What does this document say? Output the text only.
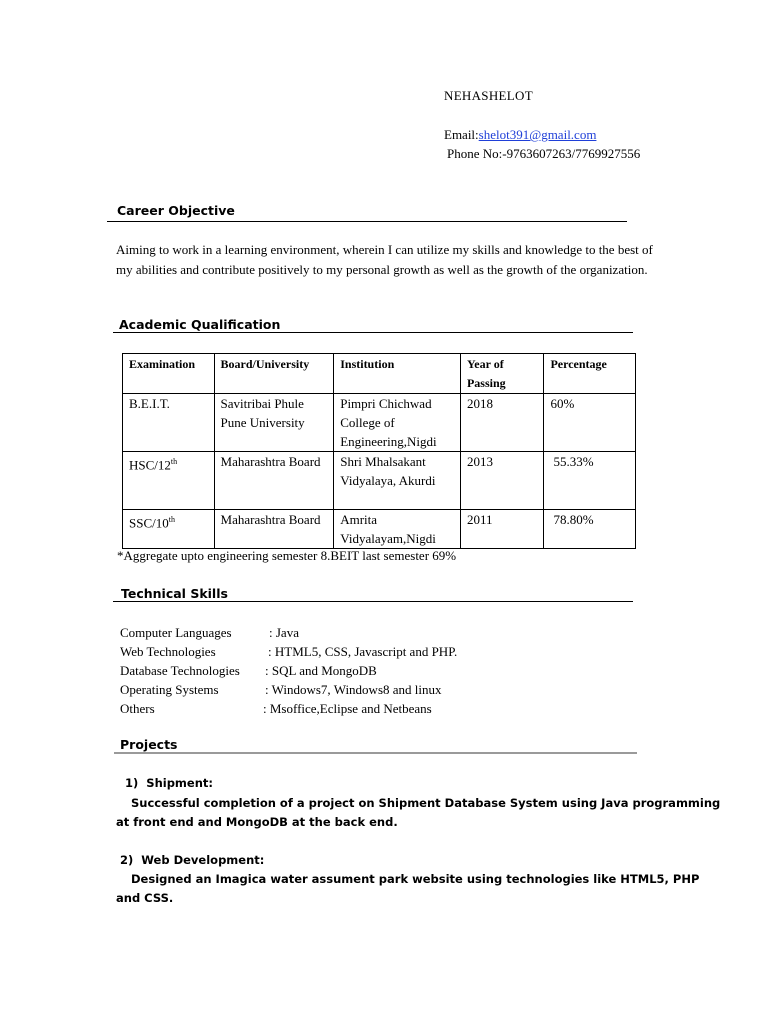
NEHASHELOT
Email:shelot391@gmail.com
Phone No:-9763607263/7769927556
Career Objective
Aiming to work in a learning environment, wherein I can utilize my skills and knowledge to the best of my abilities and contribute positively to my personal growth as well as the growth of the organization.
Academic Qualification
Examination	Board/University	Institution	Year of Passing	Percentage
B.E.I.T.	Savitribai Phule Pune University	Pimpri Chichwad College of Engineering,Nigdi	2018	60%
HSC/12th	Maharashtra Board	Shri Mhalsakant Vidyalaya, Akurdi	2013	55.33%
SSC/10th	Maharashtra Board	Amrita Vidyalayam,Nigdi	2011	78.80%
*Aggregate upto engineering semester 8.BEIT last semester 69%
Technical Skills
Computer Languages	: Java
Web Technologies	: HTML5, CSS, Javascript and PHP.
Database Technologies : SQL and MongoDB
Operating Systems	: Windows7, Windows8 and linux
Others	: Msoffice,Eclipse and Netbeans
Projects
1) Shipment:
Successful completion of a project on Shipment Database System using Java programming
at front end and MongoDB at the back end.
2) Web Development:
Designed an Imagica water assument park website using technologies like HTML5, PHP
and CSS.
